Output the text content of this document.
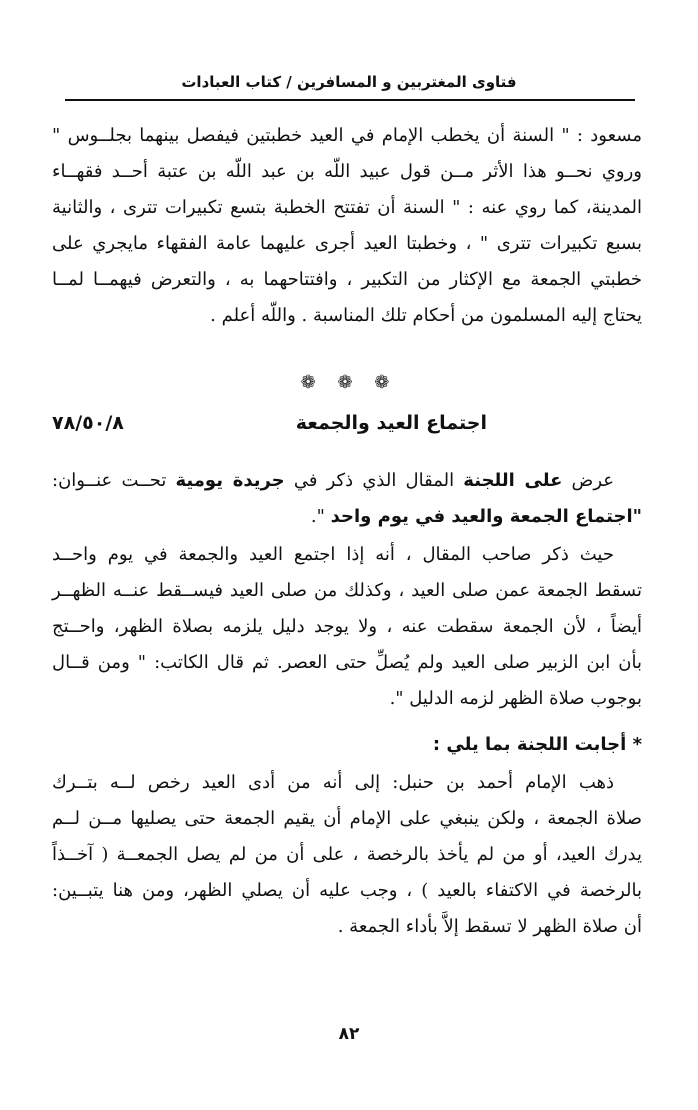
فتاوى المغتربين و المسافرين / كتاب العبادات
مسعود : " السنة أن يخطب الإمام في العيد خطبتين فيفصل بينهما بجلــوس "
وروي نحــو هذا الأثر مــن قول عبيد اللّه بن عبد اللّه بن عتبة أحــد فقهــاء
المدينة، كما روي عنه : " السنة أن تفتتح الخطبة بتسع تكبيرات تترى ، والثانية
بسبع تكبيرات تترى " ، وخطبتا العيد أجرى عليهما عامة الفقهاء مايجري على
خطبتي الجمعة مع الإكثار من التكبير ، وافتتاحهما به ، والتعرض فيهمــا لمــا
يحتاج إليه المسلمون من أحكام تلك المناسبة . واللّه أعلم .
❁ ❁ ❁
اجتماع العيد والجمعة
٧٨/٥٠/٨
عرض على اللجنة المقال الذي ذكر في جريدة يومية تحــت عنــوان:
"اجتماع الجمعة والعيد في يوم واحد ".
حيث ذكر صاحب المقال ، أنه إذا اجتمع العيد والجمعة في يوم واحــد
تسقط الجمعة عمن صلى العيد ، وكذلك من صلى العيد فيســقط عنــه الظهــر
أيضاً ، لأن الجمعة سقطت عنه ، ولا يوجد دليل يلزمه بصلاة الظهر، واحــتج
بأن ابن الزبير صلى العيد ولم يُصلِّ حتى العصر. ثم قال الكاتب: " ومن قــال
بوجوب صلاة الظهر لزمه الدليل ".
* أجابت اللجنة بما يلي :
ذهب الإمام أحمد بن حنبل: إلى أنه من أدى العيد رخص لــه بتــرك
صلاة الجمعة ، ولكن ينبغي على الإمام أن يقيم الجمعة حتى يصليها مــن لــم
يدرك العيد، أو من لم يأخذ بالرخصة ، على أن من لم يصل الجمعــة ( آخــذاً
بالرخصة في الاكتفاء بالعيد ) ، وجب عليه أن يصلي الظهر، ومن هنا يتبــين:
أن صلاة الظهر لا تسقط إلاَّ بأداء الجمعة .
٨٢
